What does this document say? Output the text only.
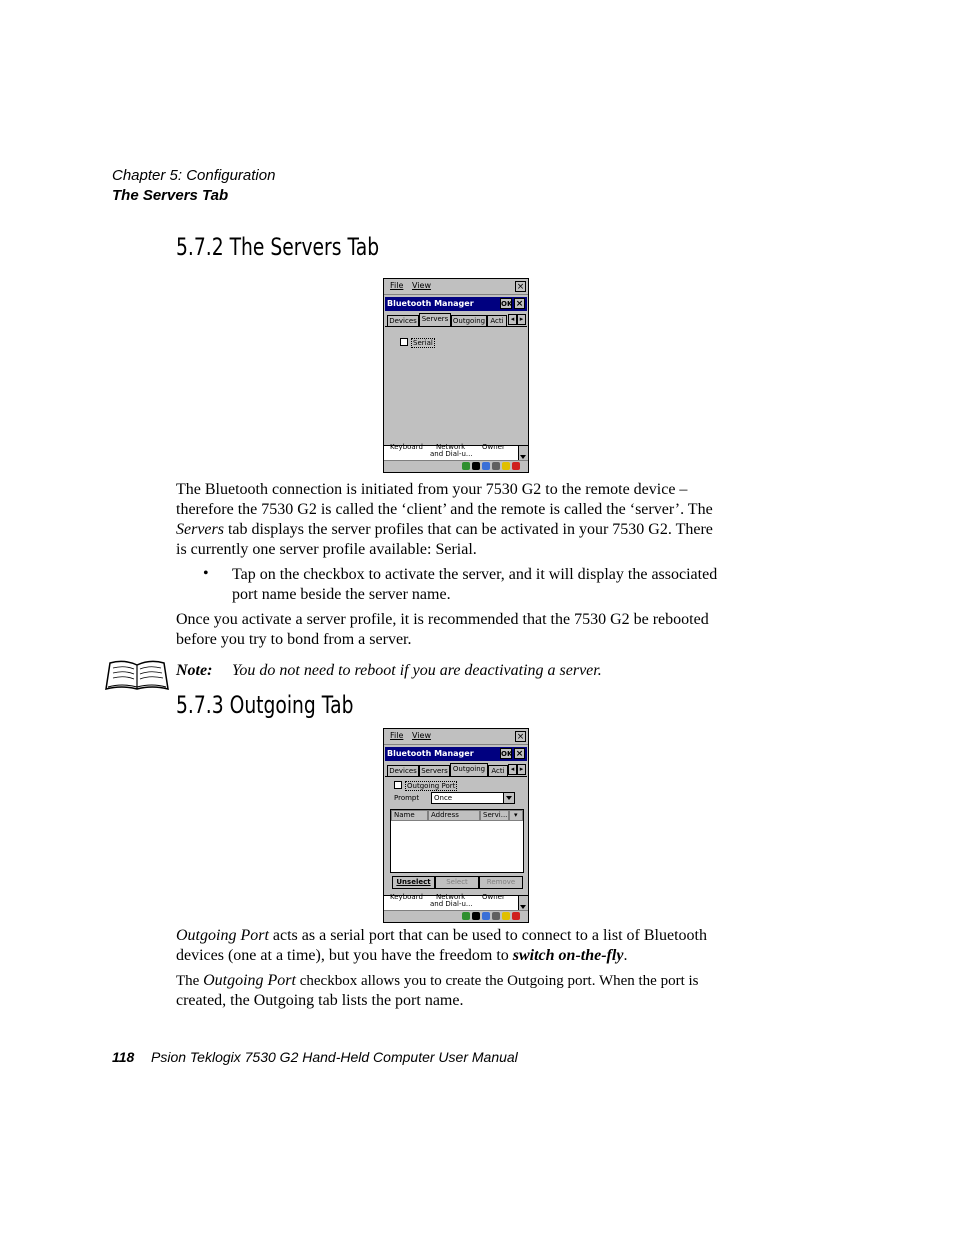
Chapter 5: Configuration
The Servers Tab
5.7.2 The Servers Tab
File View	×
Bluetooth Manager	OK ×
Devices Servers Outgoing Acti	◂ ▸
Serial
Keyboard Network
and Dial-u...
Owner
The Bluetooth connection is initiated from your 7530 G2 to the remote device –
therefore the 7530 G2 is called the ‘client’ and the remote is called the ‘server’. The
Servers tab displays the server profiles that can be activated in your 7530 G2. There
is currently one server profile available: Serial.
• Tap on the checkbox to activate the server, and it will display the associated
port name beside the server name.
Once you activate a server profile, it is recommended that the 7530 G2 be rebooted
before you try to bond from a server.
Note: You do not need to reboot if you are deactivating a server.
5.7.3 Outgoing Tab
File View	×
Bluetooth Manager	OK ×
Devices Servers Outgoing Acti ◂ ▸
Outgoing Port
Prompt	Once
Name	Address	Servi... ▾
Unselect	Select	Remove
Keyboard Network
and Dial-u...
Owner
Outgoing Port acts as a serial port that can be used to connect to a list of Bluetooth
devices (one at a time), but you have the freedom to switch on-the-fly.
The Outgoing Port checkbox allows you to create the Outgoing port. When the port is
created, the Outgoing tab lists the port name.
118 Psion Teklogix 7530 G2 Hand-Held Computer User Manual
